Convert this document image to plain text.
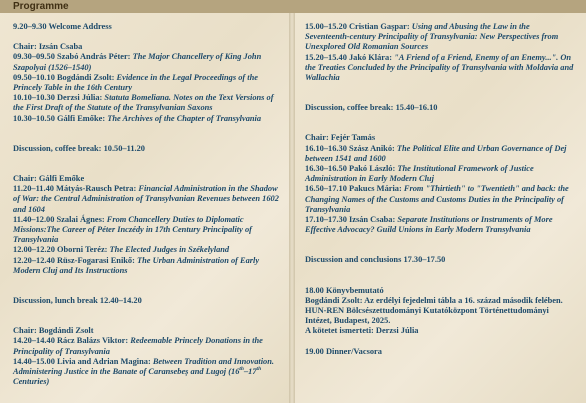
Programme

9.20–9.30 Welcome Address

Chair: Izsán Csaba

09.30–09.50 Szabó András Péter: The Major Chancellery of King John Szapolyai (1526–1540)

09.50–10.10 Bogdándi Zsolt: Evidence in the Legal Proceedings of the Princely Table in the 16th Century

10.10–10.30 Derzsi Júlia: Statuta Bomeliana. Notes on the Text Versions of the First Draft of the Statute of the Transylvanian Saxons

10.30–10.50 Gálfi Emőke: The Archives of the Chapter of Transylvania

Discussion, coffee break: 10.50–11.20

Chair: Gálfi Emőke

11.20–11.40 Mátyás-Rausch Petra: Financial Administration in the Shadow of War: the Central Administration of Transylvanian Revenues between 1602 and 1604

11.40–12.00 Szalai Ágnes: From Chancellery Duties to Diplomatic Missions:The Career of Péter Inczédy in 17th Century Principality of Transylvania

12.00–12.20 Oborni Teréz: The Elected Judges in Székelyland

12.20–12.40 Rüsz-Fogarasi Enikő: The Urban Administration of Early Modern Cluj and Its Instructions

Discussion, lunch break 12.40–14.20

Chair: Bogdándi Zsolt

14.20–14.40 Rácz Balázs Viktor: Redeemable Princely Donations in the Principality of Transylvania

14.40–15.00 Livia and Adrian Magina: Between Tradition and Innovation. Administering Justice in the Banate of Caransebeș and Lugoj (16th–17th Centuries)

15.00–15.20 Cristian Gașpar: Using and Abusing the Law in the Seventeenth-century Principality of Transylvania: New Perspectives from Unexplored Old Romanian Sources

15.20–15.40 Jakó Klára: "A Friend of a Friend, Enemy of an Enemy...". On the Treaties Concluded by the Principality of Transylvania with Moldavia and Wallachia

Discussion, coffee break: 15.40–16.10

Chair: Fejér Tamás

16.10–16.30 Szász Anikó: The Political Elite and Urban Governance of Dej between 1541 and 1600

16.30–16.50 Pakó László: The Institutional Framework of Justice Administration in Early Modern Cluj

16.50–17.10 Pakucs Mária: From "Thirtieth" to "Twentieth" and back: the Changing Names of the Customs and Customs Duties in the Principality of Transylvania

17.10–17.30 Izsán Csaba: Separate Institutions or Instruments of More Effective Advocacy? Guild Unions in Early Modern Transylvania

Discussion and conclusions 17.30–17.50

18.00 Könyvbemutató

Bogdándi Zsolt: Az erdélyi fejedelmi tábla a 16. század második felében.

HUN-REN Bölcsészettudományi Kutatóközpont Történettudományi Intézet, Budapest, 2025.

A kötetet ismerteti: Derzsi Júlia

19.00 Dinner/Vacsora
